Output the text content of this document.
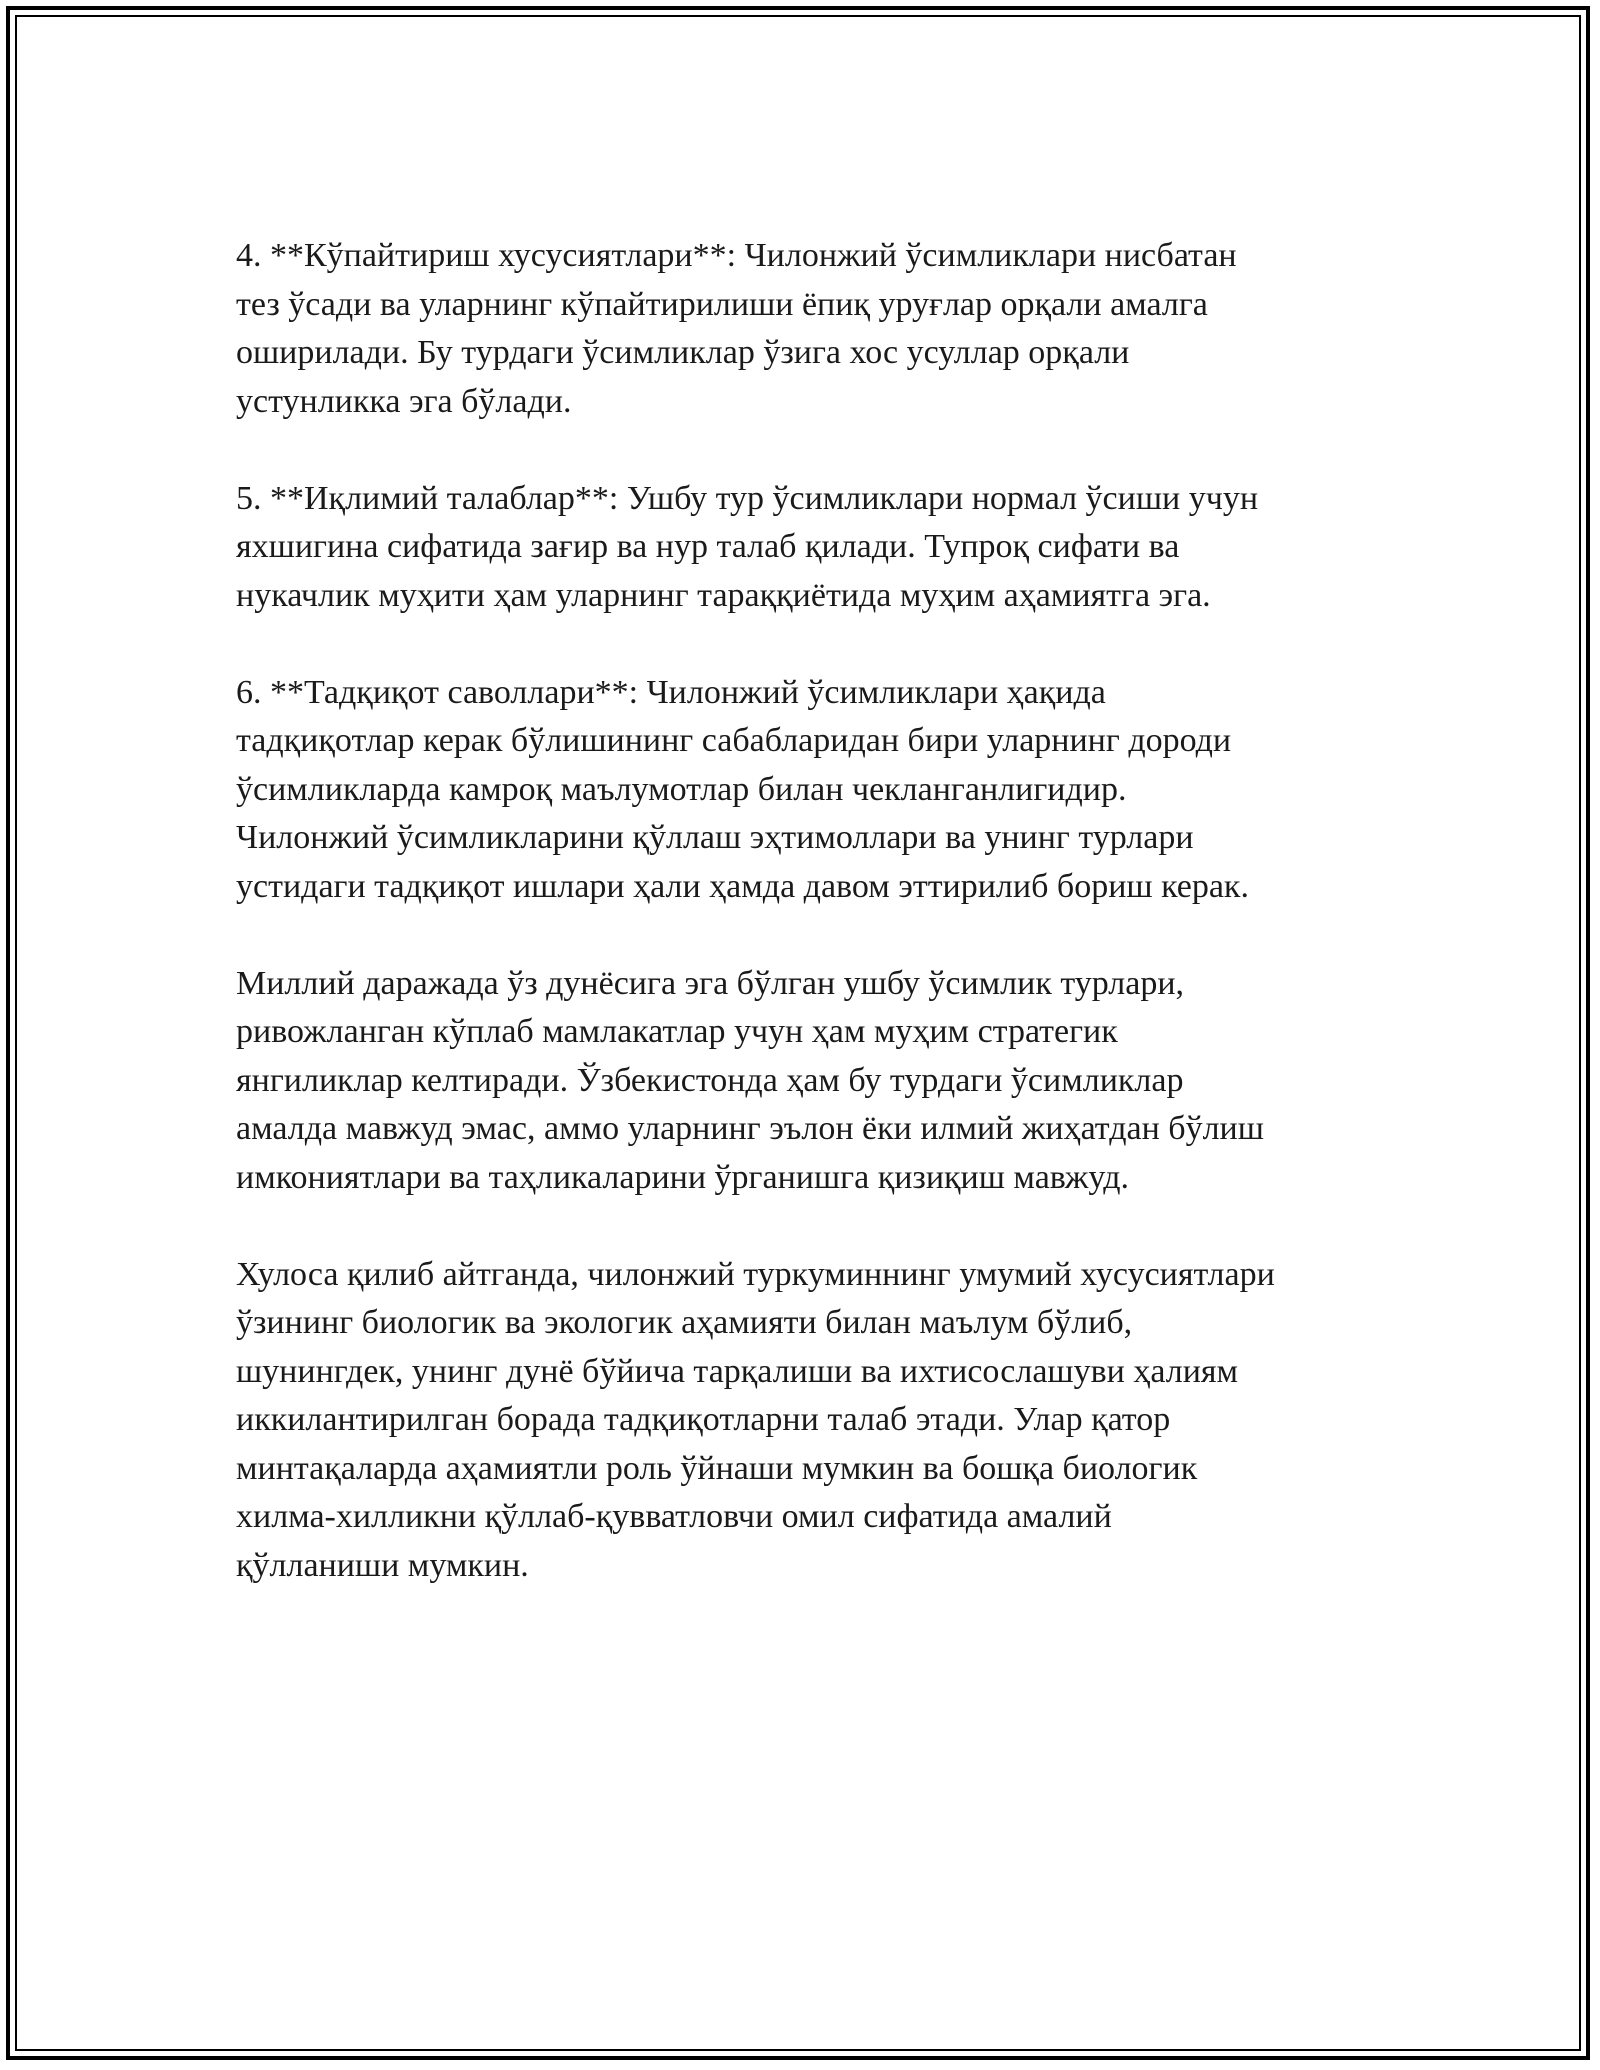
4. **Кўпайтириш хусусиятлари**: Чилонжий ўсимликлари нисбатан
тез ўсади ва уларнинг кўпайтирилиши ёпиқ уруғлар орқали амалга
оширилади. Бу турдаги ўсимликлар ўзига хос усуллар орқали
устунликка эга бўлади.

5. **Иқлимий талаблар**: Ушбу тур ўсимликлари нормал ўсиши учун
яхшигина сифатида зағир ва нур талаб қилади. Тупроқ сифати ва
нукачлик муҳити ҳам уларнинг тараққиётида муҳим аҳамиятга эга.

6. **Тадқиқот саволлари**: Чилонжий ўсимликлари ҳақида
тадқиқотлар керак бўлишининг сабабларидан бири уларнинг дороди
ўсимликларда камроқ маълумотлар билан чекланганлигидир.
Чилонжий ўсимликларини қўллаш эҳтимоллари ва унинг турлари
устидаги тадқиқот ишлари ҳали ҳамда давом эттирилиб бориш керак.

Миллий даражада ўз дунёсига эга бўлган ушбу ўсимлик турлари,
ривожланган кўплаб мамлакатлар учун ҳам муҳим стратегик
янгиликлар келтиради. Ўзбекистонда ҳам бу турдаги ўсимликлар
амалда мавжуд эмас, аммо уларнинг эълон ёки илмий жиҳатдан бўлиш
имкониятлари ва таҳликаларини ўрганишга қизиқиш мавжуд.

Хулоса қилиб айтганда, чилонжий туркуминнинг умумий хусусиятлари
ўзининг биологик ва экологик аҳамияти билан маълум бўлиб,
шунингдек, унинг дунё бўйича тарқалиши ва ихтисослашуви ҳалиям
иккилантирилган борада тадқиқотларни талаб этади. Улар қатор
минтақаларда аҳамиятли роль ўйнаши мумкин ва бошқа биологик
хилма-хилликни қўллаб-қувватловчи омил сифатида амалий
қўлланиши мумкин.
